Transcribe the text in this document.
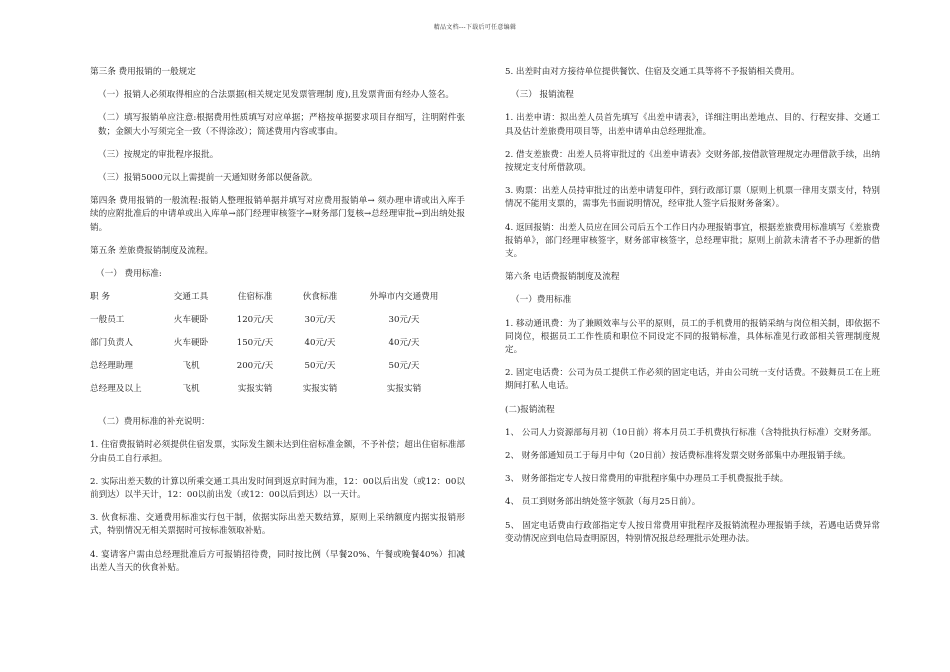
精品文档---下载后可任意编辑
第三条 费用报销的一般规定
（一）报销人必须取得相应的合法票据(相关规定见发票管理制 度),且发票背面有经办人签名。
（二）填写报销单应注意:根据费用性质填写对应单据；严格按单据要求项目存细写，注明附件张数；金额大小写须完全一致（不得涂改）；简述费用内容或事由。
（三）按规定的审批程序报批。
（三）报销5000元以上需提前一天通知财务部以便备款。
第四条 费用报销的一般流程:报销人整理报销单据并填写对应费用报销单→ 须办理申请或出入库手续的应附批准后的申请单或出入库单→部门经理审核签字→财务部门复核→总经理审批→到出纳处报销。
第五条 差旅费报销制度及流程。
（一） 费用标准:
职 务	交通工具	住宿标准	伙食标准	外埠市内交通费用
一般员工	火车硬卧	120元/天	30元/天	30元/天
部门负责人	火车硬卧	150元/天	40元/天	40元/天
总经理助理	飞机	200元/天	50元/天	50元/天
总经理及以上	飞机	实报实销	实报实销	实报实销
（二）费用标准的补充说明：
1. 住宿费报销时必须提供住宿发票，实际发生额未达到住宿标准金额，不予补偿；超出住宿标准部分由员工自行承担。
2. 实际出差天数的计算以所乘交通工具出发时间到返京时间为准，12：00以后出发（或12：00以前到达）以半天计，12：00以前出发（或12：00以后到达）以一天计。
3. 伙食标准、交通费用标准实行包干制，依据实际出差天数结算，原则上采纳额度内据实报销形式，特别情况无相关票据时可按标准领取补贴。
4. 宴请客户需由总经理批准后方可报销招待费，同时按比例（早餐20%、午餐或晚餐40%）扣减出差人当天的伙食补贴。
5. 出差时由对方接待单位提供餐饮、住宿及交通工具等将不予报销相关费用。
（三） 报销流程
1. 出差申请：拟出差人员首先填写《出差申请表》，详细注明出差地点、目的、行程安排、交通工具及估计差旅费用项目等，出差申请单由总经理批准。
2. 借支差旅费：出差人员将审批过的《出差申请表》交财务部,按借款管理规定办理借款手续，出纳按规定支付所借款项。
3. 购票：出差人员持审批过的出差申请复印件，到行政部订票（原则上机票一律用支票支付，特别情况不能用支票的，需事先书面说明情况，经审批人签字后报财务备案）。
4. 返回报销：出差人员应在回公司后五个工作日内办理报销事宜，根据差旅费用标准填写《差旅费报销单》，部门经理审核签字，财务部审核签字，总经理审批；原则上前款未清者不予办理新的借支。
第六条 电话费报销制度及流程
（一）费用标准
1. 移动通讯费：为了兼顾效率与公平的原则，员工的手机费用的报销采纳与岗位相关制，即依据不同岗位，根据员工工作性质和职位不同设定不同的报销标准，具体标准见行政部相关管理制度规定。
2. 固定电话费：公司为员工提供工作必须的固定电话，并由公司统一支付话费。不鼓舞员工在上班期间打私人电话。
(二)报销流程
1、 公司人力资源部每月初（10日前）将本月员工手机费执行标准（含特批执行标准）交财务部。
2、 财务部通知员工于每月中旬（20日前）按话费标准将发票交财务部集中办理报销手续。
3、 财务部指定专人按日常费用的审批程序集中办理员工手机费报批手续。
4、 员工到财务部出纳处签字领款（每月25日前）。
5、 固定电话费由行政部指定专人按日常费用审批程序及报销流程办理报销手续，若遇电话费异常变动情况应到电信局查明原因，特别情况报总经理批示处理办法。
